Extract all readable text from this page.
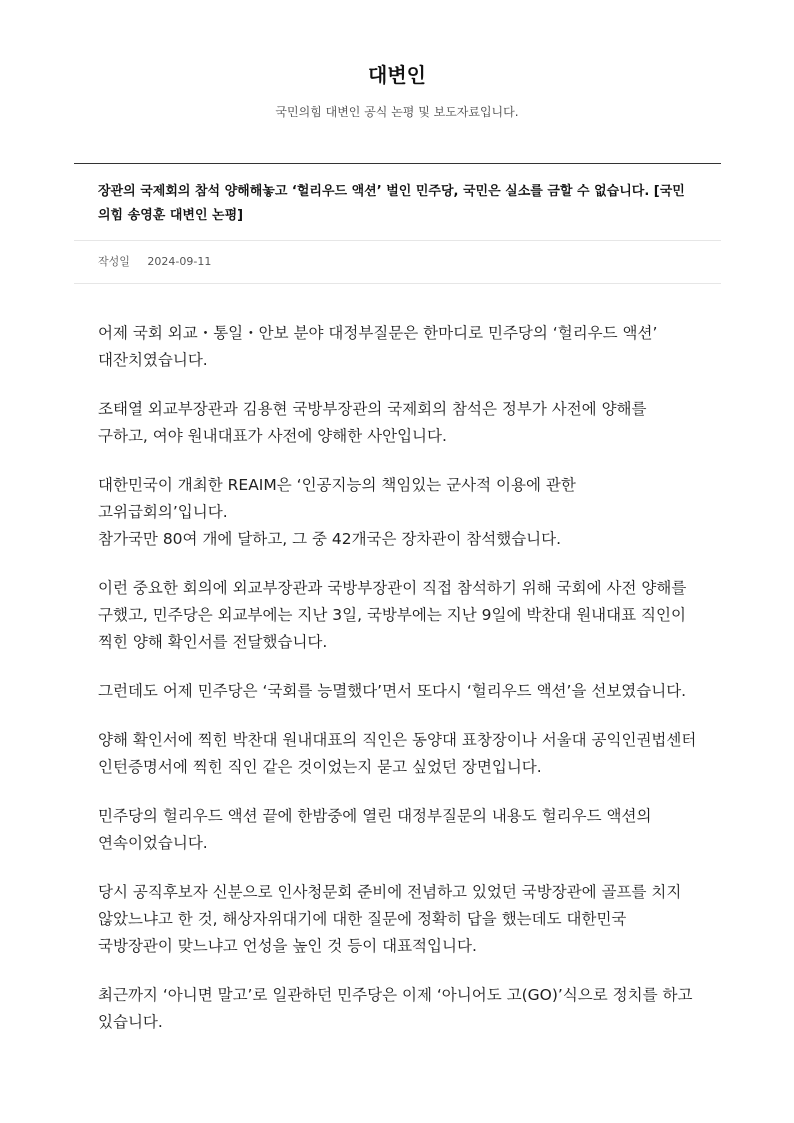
대변인
국민의힘 대변인 공식 논평 및 보도자료입니다.
장관의 국제회의 참석 양해해놓고 ‘헐리우드 액션’ 벌인 민주당, 국민은 실소를 금할 수 없습니다. [국민의힘 송영훈 대변인 논평]
작성일 2024-09-11

어제 국회 외교・통일・안보 분야 대정부질문은 한마디로 민주당의 ‘헐리우드 액션’ 대잔치였습니다.

조태열 외교부장관과 김용현 국방부장관의 국제회의 참석은 정부가 사전에 양해를 구하고, 여야 원내대표가 사전에 양해한 사안입니다.

대한민국이 개최한 REAIM은 ‘인공지능의 책임있는 군사적 이용에 관한 고위급회의’입니다.
참가국만 80여 개에 달하고, 그 중 42개국은 장차관이 참석했습니다.

이런 중요한 회의에 외교부장관과 국방부장관이 직접 참석하기 위해 국회에 사전 양해를 구했고, 민주당은 외교부에는 지난 3일, 국방부에는 지난 9일에 박찬대 원내대표 직인이 찍힌 양해 확인서를 전달했습니다.

그런데도 어제 민주당은 ‘국회를 능멸했다’면서 또다시 ‘헐리우드 액션’을 선보였습니다.

양해 확인서에 찍힌 박찬대 원내대표의 직인은 동양대 표창장이나 서울대 공익인권법센터 인턴증명서에 찍힌 직인 같은 것이었는지 묻고 싶었던 장면입니다.

민주당의 헐리우드 액션 끝에 한밤중에 열린 대정부질문의 내용도 헐리우드 액션의 연속이었습니다.

당시 공직후보자 신분으로 인사청문회 준비에 전념하고 있었던 국방장관에 골프를 치지 않았느냐고 한 것, 해상자위대기에 대한 질문에 정확히 답을 했는데도 대한민국 국방장관이 맞느냐고 언성을 높인 것 등이 대표적입니다.

최근까지 ‘아니면 말고’로 일관하던 민주당은 이제 ‘아니어도 고(GO)’식으로 정치를 하고 있습니다.
